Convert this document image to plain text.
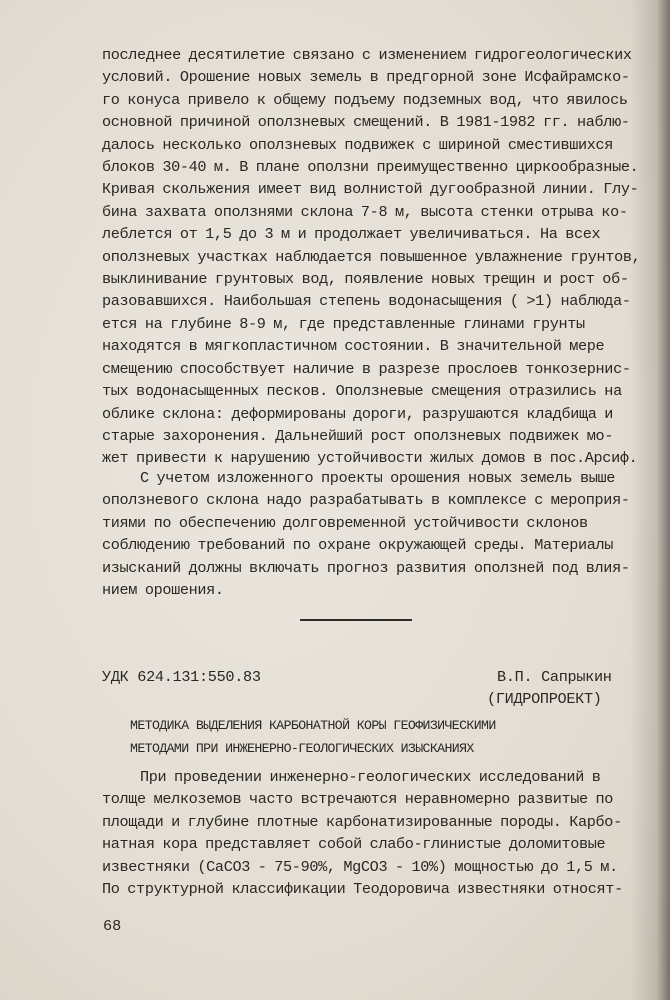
последнее десятилетие связано с изменением гидрогеологических
условий. Орошение новых земель в предгорной зоне Исфайрамско-
го конуса привело к общему подъему подземных вод, что явилось
основной причиной оползневых смещений. В 1981-1982 гг. наблю-
далось несколько оползневых подвижек с шириной сместившихся
блоков 30-40 м. В плане оползни преимущественно циркообразные.
Кривая скольжения имеет вид волнистой дугообразной линии. Глу-
бина захвата оползнями склона 7-8 м, высота стенки отрыва ко-
леблется от 1,5 до 3 м и продолжает увеличиваться. На всех
оползневых участках наблюдается повышенное увлажнение грунтов,
выклинивание грунтовых вод, появление новых трещин и рост об-
разовавшихся. Наибольшая степень водонасыщения ( >1) наблюда-
ется на глубине 8-9 м, где представленные глинами грунты
находятся в мягкопластичном состоянии. В значительной мере
смещению способствует наличие в разрезе прослоев тонкозернис-
тых водонасыщенных песков. Оползневые смещения отразились на
облике склона: деформированы дороги, разрушаются кладбища и
старые захоронения. Дальнейший рост оползневых подвижек мо-
жет привести к нарушению устойчивости жилых домов в пос.Арсиф.
С учетом изложенного проекты орошения новых земель выше
оползневого склона надо разрабатывать в комплексе с мероприя-
тиями по обеспечению долговременной устойчивости склонов
соблюдению требований по охране окружающей среды. Материалы
изысканий должны включать прогноз развития оползней под влия-
нием орошения.
УДК 624.131:550.83	В.П. Сапрыкин
(ГИДРОПРОЕКТ)
МЕТОДИКА ВЫДЕЛЕНИЯ КАРБОНАТНОЙ КОРЫ ГЕОФИЗИЧЕСКИМИ
МЕТОДАМИ ПРИ ИНЖЕНЕРНО-ГЕОЛОГИЧЕСКИХ ИЗЫСКАНИЯХ
При проведении инженерно-геологических исследований в
толще мелкоземов часто встречаются неравномерно развитые по
площади и глубине плотные карбонатизированные породы. Карбо-
натная кора представляет собой слабо-глинистые доломитовые
известняки (CaCO3 - 75-90%, MgCO3 - 10%) мощностью до 1,5 м.
По структурной классификации Теодоровича известняки относят-
68
